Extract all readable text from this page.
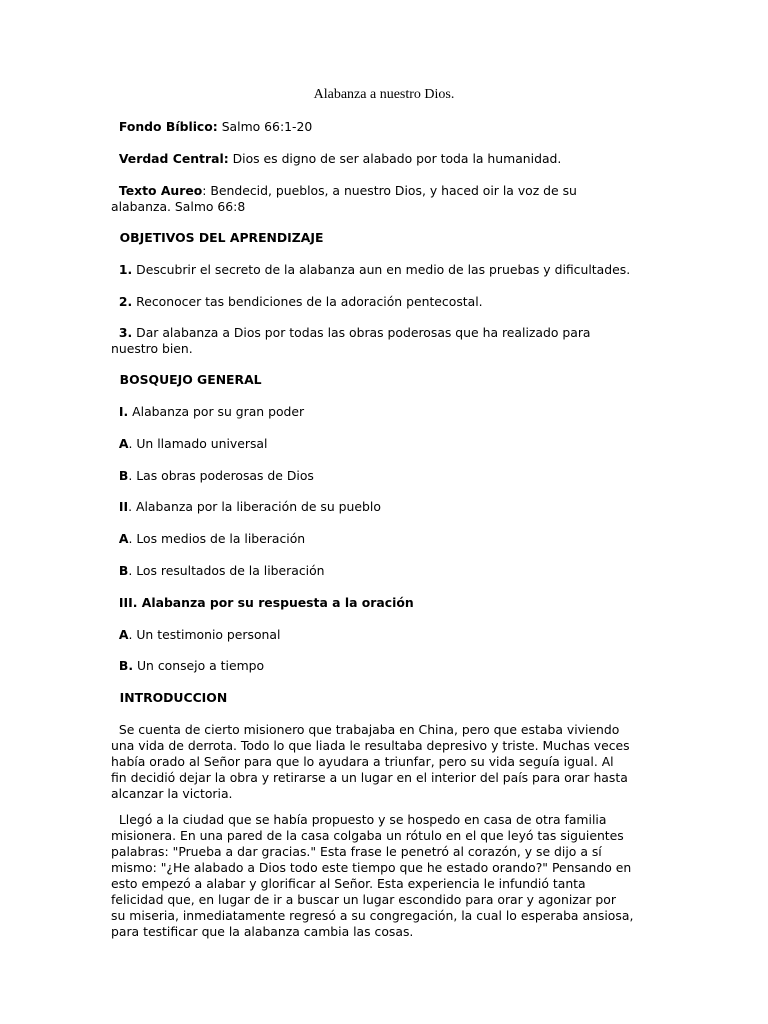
Alabanza a nuestro Dios.
Fondo Bíblico: Salmo 66:1-20
Verdad Central: Dios es digno de ser alabado por toda la humanidad.
Texto Aureo: Bendecid, pueblos, a nuestro Dios, y haced oir la voz de su
alabanza. Salmo 66:8
OBJETIVOS DEL APRENDIZAJE
1. Descubrir el secreto de la alabanza aun en medio de las pruebas y dificultades.
2. Reconocer tas bendiciones de la adoración pentecostal.
3. Dar alabanza a Dios por todas las obras poderosas que ha realizado para
nuestro bien.
BOSQUEJO GENERAL
I. Alabanza por su gran poder
A. Un llamado universal
B. Las obras poderosas de Dios
II. Alabanza por la liberación de su pueblo
A. Los medios de la liberación
B. Los resultados de la liberación
III. Alabanza por su respuesta a la oración
A. Un testimonio personal
B. Un consejo a tiempo
INTRODUCCION
Se cuenta de cierto misionero que trabajaba en China, pero que estaba viviendo
una vida de derrota. Todo lo que liada le resultaba depresivo y triste. Muchas veces
había orado al Señor para que lo ayudara a triunfar, pero su vida seguía igual. Al
fin decidió dejar la obra y retirarse a un lugar en el interior del país para orar hasta
alcanzar la victoria.
Llegó a la ciudad que se había propuesto y se hospedo en casa de otra familia
misionera. En una pared de la casa colgaba un rótulo en el que leyó tas siguientes
palabras: "Prueba a dar gracias." Esta frase le penetró al corazón, y se dijo a sí
mismo: "¿He alabado a Dios todo este tiempo que he estado orando?" Pensando en
esto empezó a alabar y glorificar al Señor. Esta experiencia le infundió tanta
felicidad que, en lugar de ir a buscar un lugar escondido para orar y agonizar por
su miseria, inmediatamente regresó a su congregación, la cual lo esperaba ansiosa,
para testificar que la alabanza cambia las cosas.
